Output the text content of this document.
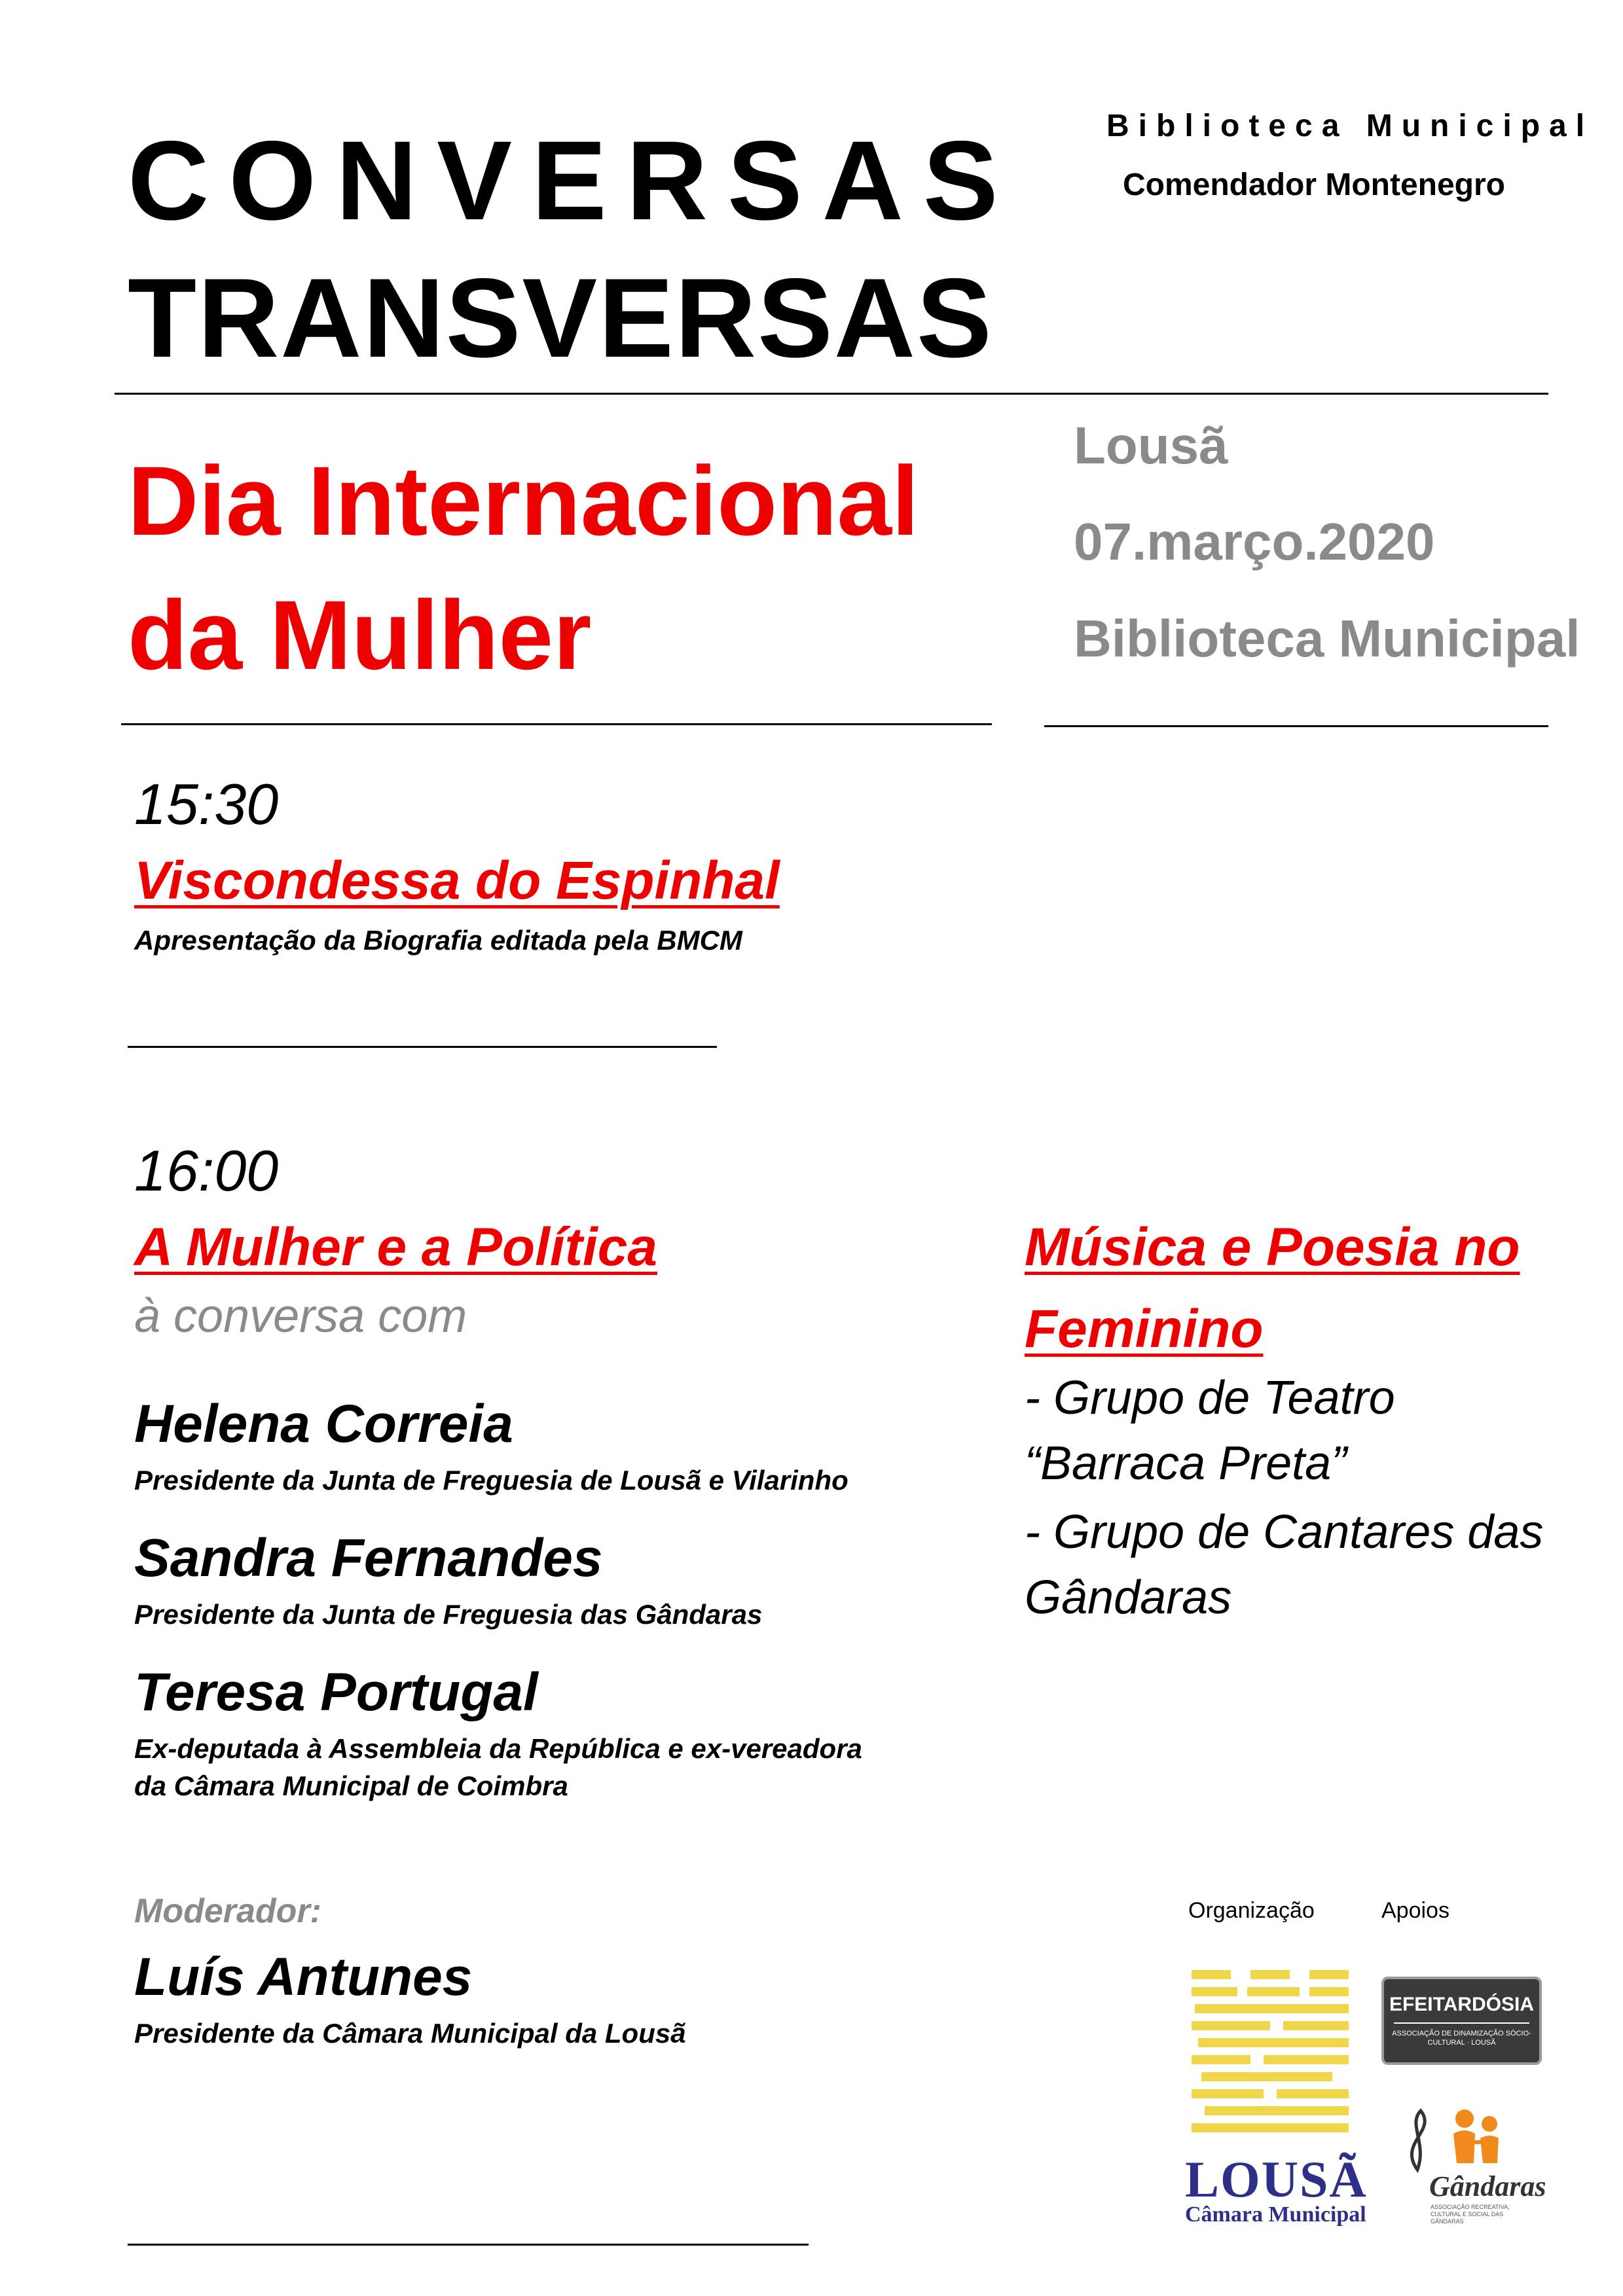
CONVERSAS
TRANSVERSAS
Biblioteca Municipal
Comendador Montenegro
Dia Internacional
da Mulher
Lousã
07.março.2020
Biblioteca Municipal
15:30
Viscondessa do Espinhal
Apresentação da Biografia editada pela BMCM
16:00
A Mulher e a Política
à conversa com
Helena Correia
Presidente da Junta de Freguesia de Lousã e Vilarinho
Sandra Fernandes
Presidente da Junta de Freguesia das Gândaras
Teresa Portugal
Ex-deputada à Assembleia da República e ex-vereadora
da Câmara Municipal de Coimbra
Moderador:
Luís Antunes
Presidente da Câmara Municipal da Lousã
Música e Poesia no
Feminino
- Grupo de Teatro
“Barraca Preta”
- Grupo de Cantares das
Gândaras
Organização	Apoios
LOUSÃ
Câmara Municipal
EFEITARDÓSIA
ASSOCIAÇÃO DE DINAMIZAÇÃO SÓCIO-CULTURAL · LOUSÃ
Gândaras
ASSOCIAÇÃO RECREATIVA, CULTURAL E SOCIAL DAS GÂNDARAS
